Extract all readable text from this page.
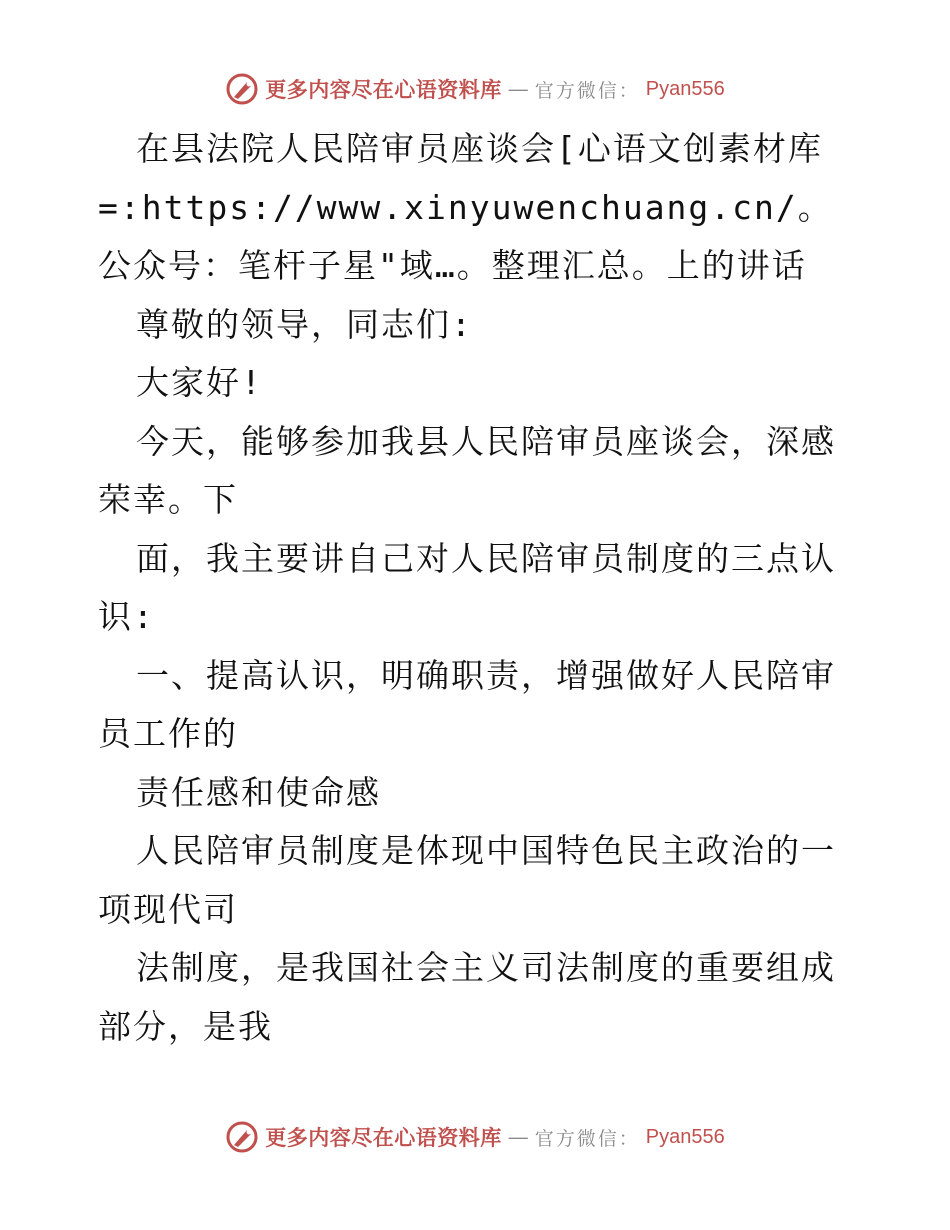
更多内容尽在心语资料库 — 官方微信： Pyan556

在县法院人民陪审员座谈会[心语文创素材库=:https://www.xinyuwenchuang.cn/。公众号：笔杆子星"域…。整理汇总。上的讲话

尊敬的领导，同志们:

大家好!

今天，能够参加我县人民陪审员座谈会，深感荣幸。下

面，我主要讲自己对人民陪审员制度的三点认识:

一、提高认识，明确职责，增强做好人民陪审员工作的

责任感和使命感

人民陪审员制度是体现中国特色民主政治的一项现代司

法制度，是我国社会主义司法制度的重要组成部分，是我

更多内容尽在心语资料库 — 官方微信： Pyan556
